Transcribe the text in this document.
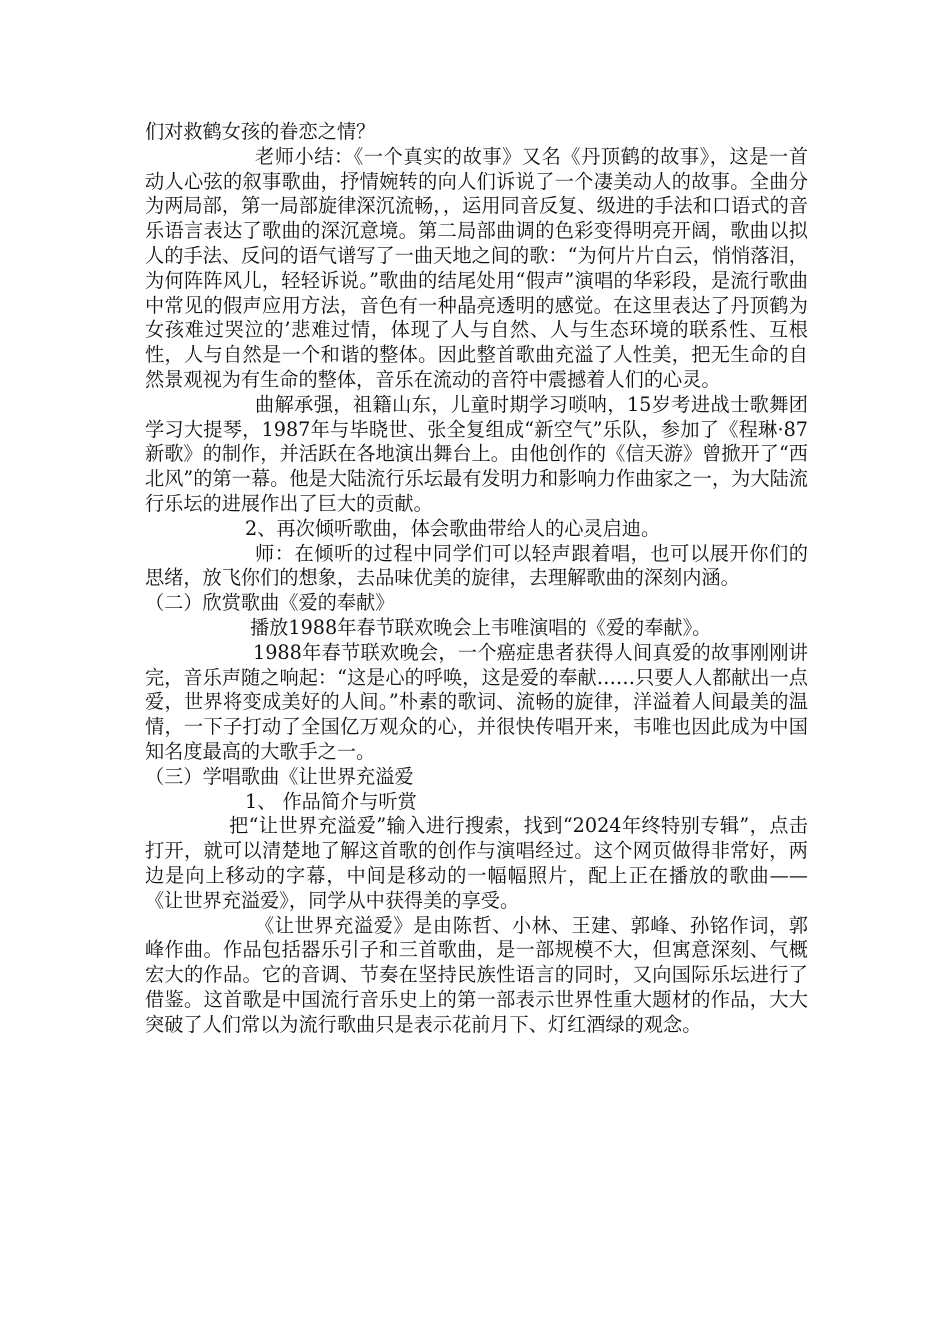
们对救鹤女孩的眷恋之情？

老师小结：《一个真实的故事》又名《丹顶鹤的故事》，这是一首动人心弦的叙事歌曲，抒情婉转的向人们诉说了一个凄美动人的故事。全曲分为两局部，第一局部旋律深沉流畅，，运用同音反复、级进的手法和口语式的音乐语言表达了歌曲的深沉意境。第二局部曲调的色彩变得明亮开阔，歌曲以拟人的手法、反问的语气谱写了一曲天地之间的歌：“为何片片白云，悄悄落泪，为何阵阵风儿，轻轻诉说。”歌曲的结尾处用“假声”演唱的华彩段，是流行歌曲中常见的假声应用方法，音色有一种晶亮透明的感觉。在这里表达了丹顶鹤为女孩难过哭泣的’悲难过情，体现了人与自然、人与生态环境的联系性、互根性，人与自然是一个和谐的整体。因此整首歌曲充溢了人性美，把无生命的自然景观视为有生命的整体，音乐在流动的音符中震撼着人们的心灵。

曲解承强，祖籍山东，儿童时期学习唢呐，15岁考进战士歌舞团学习大提琴，1987年与毕晓世、张全复组成“新空气”乐队，参加了《程琳·87新歌》的制作，并活跃在各地演出舞台上。由他创作的《信天游》曾掀开了“西北风”的第一幕。他是大陆流行乐坛最有发明力和影响力作曲家之一，为大陆流行乐坛的进展作出了巨大的贡献。

2、再次倾听歌曲，体会歌曲带给人的心灵启迪。

师：在倾听的过程中同学们可以轻声跟着唱，也可以展开你们的思绪，放飞你们的想象，去品味优美的旋律，去理解歌曲的深刻内涵。

（二）欣赏歌曲《爱的奉献》

播放1988年春节联欢晚会上韦唯演唱的《爱的奉献》。

1988年春节联欢晚会，一个癌症患者获得人间真爱的故事刚刚讲完，音乐声随之响起：“这是心的呼唤，这是爱的奉献……只要人人都献出一点爱，世界将变成美好的人间。”朴素的歌词、流畅的旋律，洋溢着人间最美的温情，一下子打动了全国亿万观众的心，并很快传唱开来，韦唯也因此成为中国知名度最高的大歌手之一。

（三）学唱歌曲《让世界充溢爱

1、 作品简介与听赏

把“让世界充溢爱”输入进行搜索，找到“2024年终特别专辑”，点击打开，就可以清楚地了解这首歌的创作与演唱经过。这个网页做得非常好，两边是向上移动的字幕，中间是移动的一幅幅照片，配上正在播放的歌曲——《让世界充溢爱》，同学从中获得美的享受。

《让世界充溢爱》是由陈哲、小林、王建、郭峰、孙铭作词，郭峰作曲。作品包括器乐引子和三首歌曲，是一部规模不大，但寓意深刻、气概宏大的作品。它的音调、节奏在坚持民族性语言的同时，又向国际乐坛进行了借鉴。这首歌是中国流行音乐史上的第一部表示世界性重大题材的作品，大大突破了人们常以为流行歌曲只是表示花前月下、灯红酒绿的观念。
